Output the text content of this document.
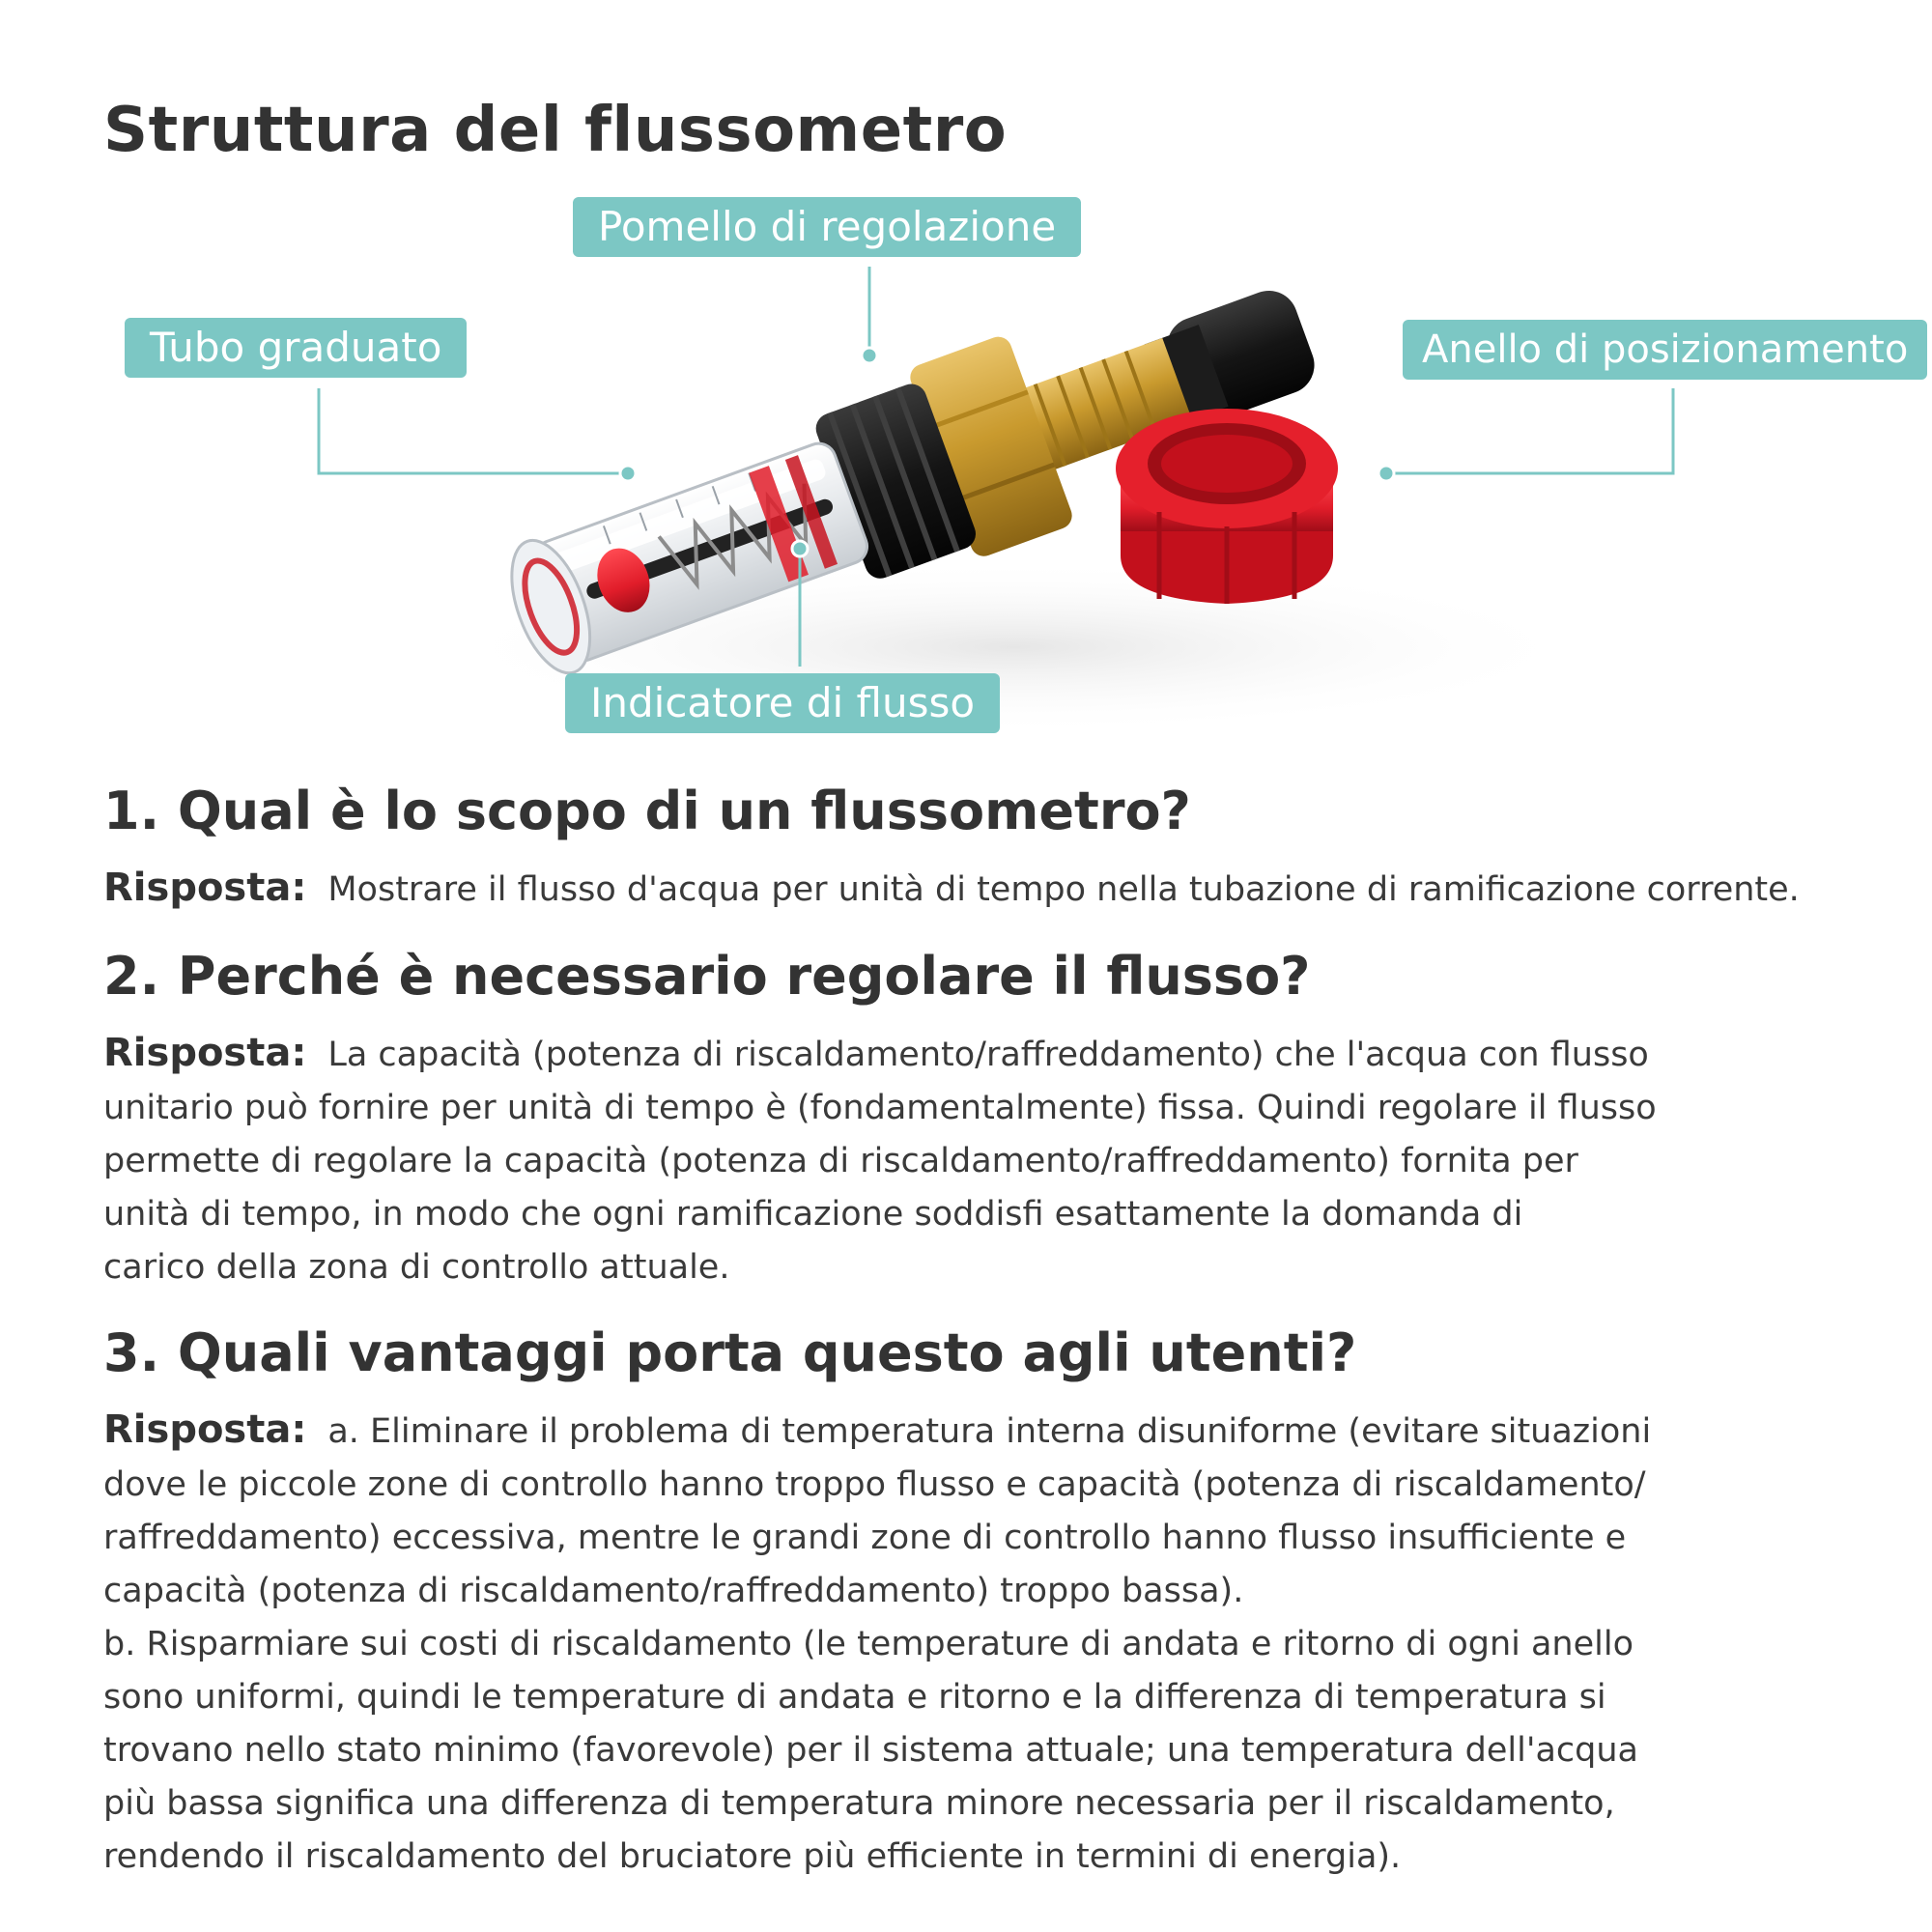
Struttura del flussometro
Pomello di regolazione
Tubo graduato	Anello di posizionamento
Indicatore di flusso
1. Qual è lo scopo di un flussometro?

Risposta: Mostrare il flusso d'acqua per unità di tempo nella tubazione di ramificazione corrente.

2. Perché è necessario regolare il flusso?

Risposta: La capacità (potenza di riscaldamento/raffreddamento) che l'acqua con flusso
unitario può fornire per unità di tempo è (fondamentalmente) fissa. Quindi regolare il flusso
permette di regolare la capacità (potenza di riscaldamento/raffreddamento) fornita per
unità di tempo, in modo che ogni ramificazione soddisfi esattamente la domanda di
carico della zona di controllo attuale.

3. Quali vantaggi porta questo agli utenti?

Risposta: a. Eliminare il problema di temperatura interna disuniforme (evitare situazioni
dove le piccole zone di controllo hanno troppo flusso e capacità (potenza di riscaldamento/
raffreddamento) eccessiva, mentre le grandi zone di controllo hanno flusso insufficiente e
capacità (potenza di riscaldamento/raffreddamento) troppo bassa).
b. Risparmiare sui costi di riscaldamento (le temperature di andata e ritorno di ogni anello
sono uniformi, quindi le temperature di andata e ritorno e la differenza di temperatura si
trovano nello stato minimo (favorevole) per il sistema attuale; una temperatura dell'acqua
più bassa significa una differenza di temperatura minore necessaria per il riscaldamento,
rendendo il riscaldamento del bruciatore più efficiente in termini di energia).
